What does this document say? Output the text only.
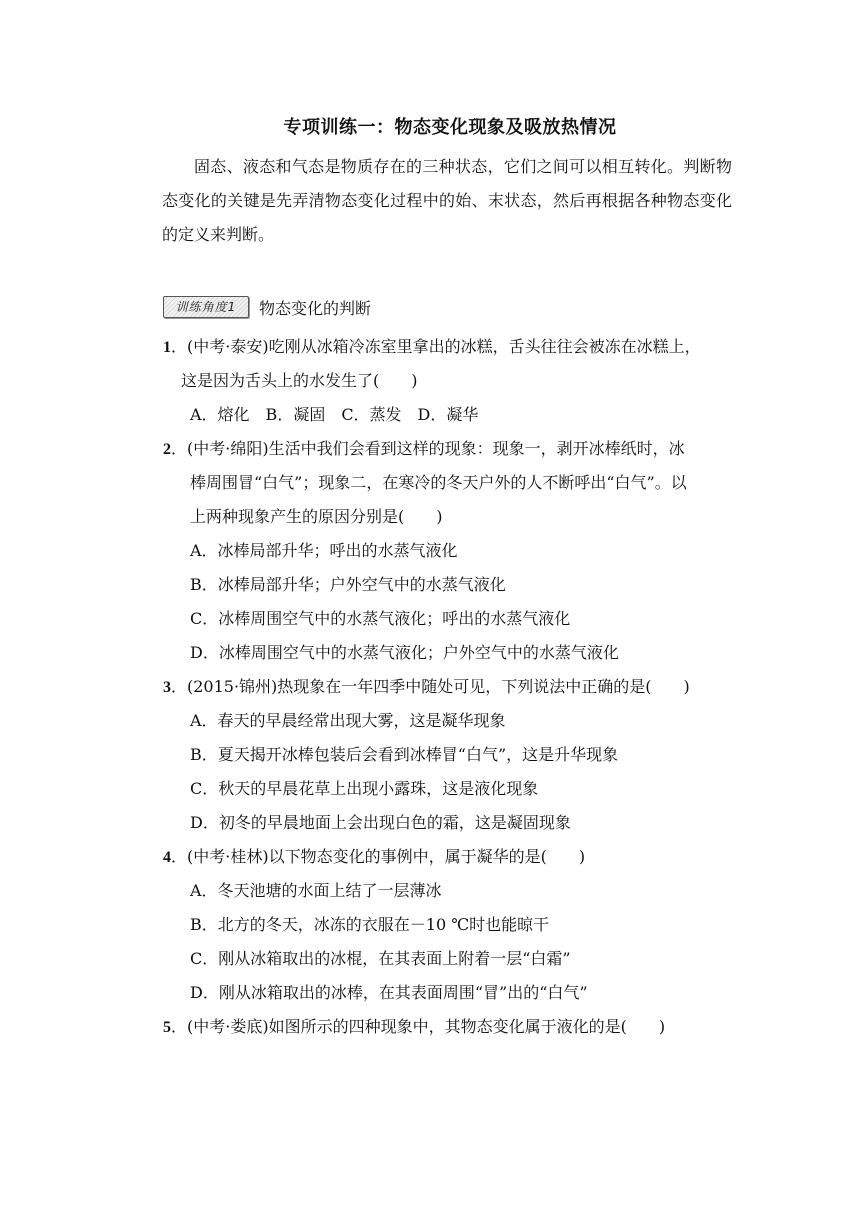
专项训练一：物态变化现象及吸放热情况
固态、液态和气态是物质存在的三种状态，它们之间可以相互转化。判断物态变化的关键是先弄清物态变化过程中的始、末状态，然后再根据各种物态变化的定义来判断。
训练角度1	物态变化的判断
1．(中考·泰安)吃刚从冰箱冷冻室里拿出的冰糕，舌头往往会被冻在冰糕上，
这是因为舌头上的水发生了(　　)
A．熔化　B．凝固　C．蒸发　D．凝华
2．(中考·绵阳)生活中我们会看到这样的现象：现象一，剥开冰棒纸时，冰
棒周围冒“白气”；现象二，在寒冷的冬天户外的人不断呼出“白气”。以
上两种现象产生的原因分别是(　　)
A．冰棒局部升华；呼出的水蒸气液化
B．冰棒局部升华；户外空气中的水蒸气液化
C．冰棒周围空气中的水蒸气液化；呼出的水蒸气液化
D．冰棒周围空气中的水蒸气液化；户外空气中的水蒸气液化
3．(2015·锦州)热现象在一年四季中随处可见，下列说法中正确的是(　　)
A．春天的早晨经常出现大雾，这是凝华现象
B．夏天揭开冰棒包装后会看到冰棒冒“白气”，这是升华现象
C．秋天的早晨花草上出现小露珠，这是液化现象
D．初冬的早晨地面上会出现白色的霜，这是凝固现象
4．(中考·桂林)以下物态变化的事例中，属于凝华的是(　　)
A．冬天池塘的水面上结了一层薄冰
B．北方的冬天，冰冻的衣服在－10 ℃时也能晾干
C．刚从冰箱取出的冰棍，在其表面上附着一层“白霜”
D．刚从冰箱取出的冰棒，在其表面周围“冒”出的“白气”
5．(中考·娄底)如图所示的四种现象中，其物态变化属于液化的是(　　)
